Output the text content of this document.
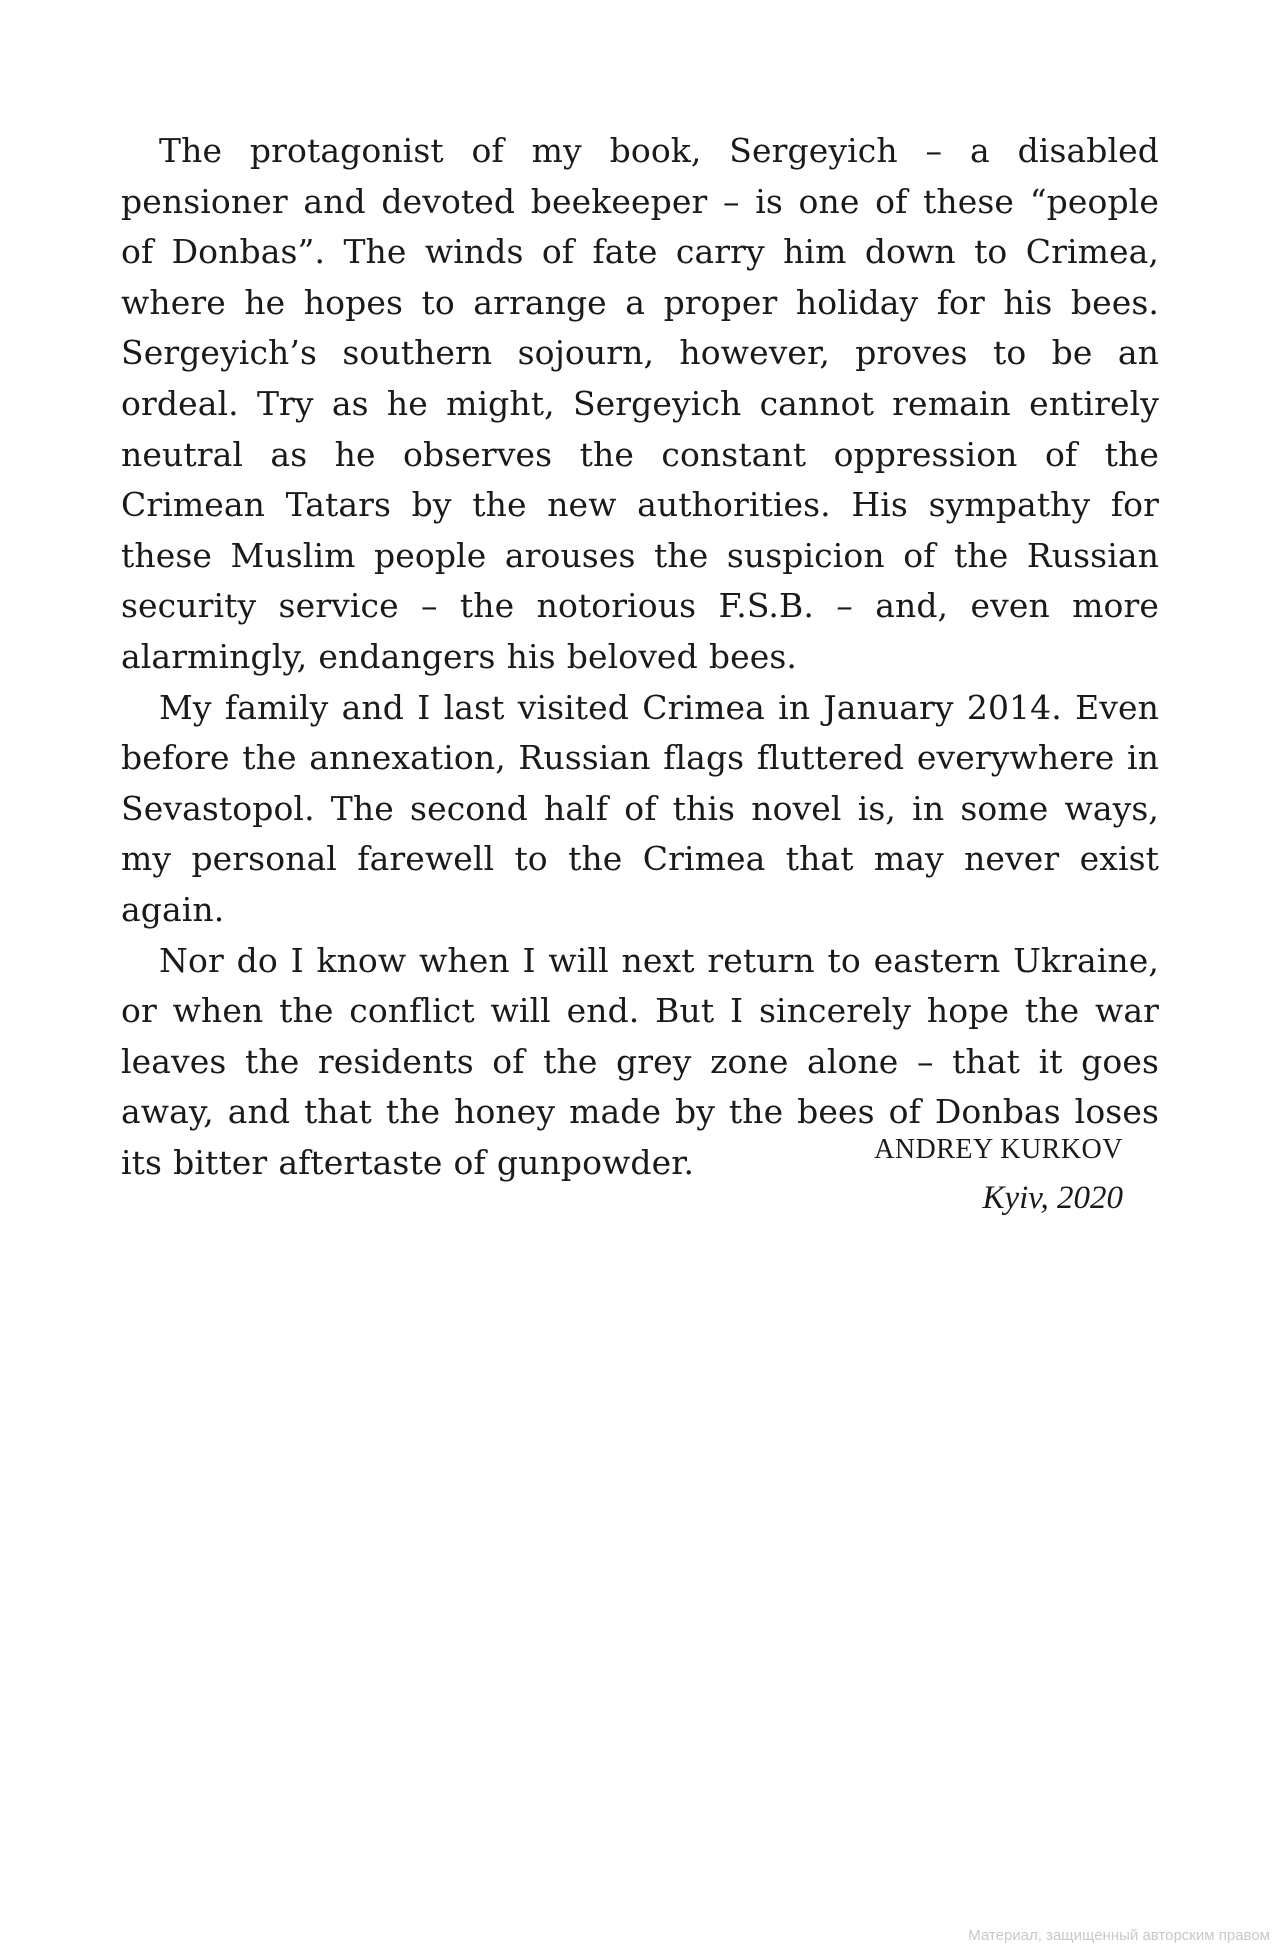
The protagonist of my book, Sergeyich – a disabled pensioner and devoted beekeeper – is one of these “people of Donbas”. The winds of fate carry him down to Crimea, where he hopes to arrange a proper holiday for his bees. Sergeyich’s southern sojourn, however, proves to be an ordeal. Try as he might, Sergeyich cannot remain entirely neutral as he observes the constant oppression of the Crimean Tatars by the new authorities. His sympathy for these Muslim people arouses the suspicion of the Russian security service – the notorious F.S.B. – and, even more alarmingly, endangers his beloved bees.

My family and I last visited Crimea in January 2014. Even before the annexation, Russian flags fluttered everywhere in Sevastopol. The second half of this novel is, in some ways, my personal farewell to the Crimea that may never exist again.

Nor do I know when I will next return to eastern Ukraine, or when the conflict will end. But I sincerely hope the war leaves the residents of the grey zone alone – that it goes away, and that the honey made by the bees of Donbas loses its bitter aftertaste of gunpowder.	ANDREY KURKOV
Kyiv, 2020
Материал, защищенный авторским правом
